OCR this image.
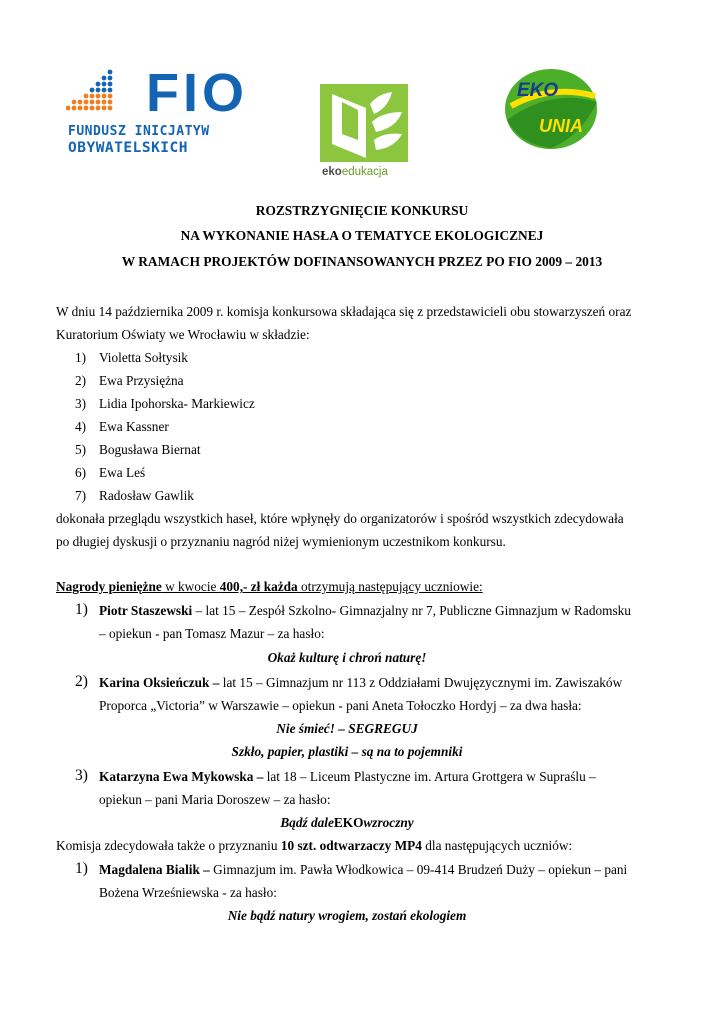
FIO
FUNDUSZ INICJATYW
OBYWATELSKICH
ekoedukacja
EKO
UNIA
ROZSTRZYGNIĘCIE KONKURSU
NA WYKONANIE HASŁA O TEMATYCE EKOLOGICZNEJ
W RAMACH PROJEKTÓW DOFINANSOWANYCH PRZEZ PO FIO 2009 – 2013
W dniu 14 października 2009 r. komisja konkursowa składająca się z przedstawicieli obu stowarzyszeń oraz
Kuratorium Oświaty we Wrocławiu w składzie:
1) Violetta Sołtysik
2) Ewa Przysiężna
3) Lidia Ipohorska- Markiewicz
4) Ewa Kassner
5) Bogusława Biernat
6) Ewa Leś
7) Radosław Gawlik
dokonała przeglądu wszystkich haseł, które wpłynęły do organizatorów i spośród wszystkich zdecydowała
po długiej dyskusji o przyznaniu nagród niżej wymienionym uczestnikom konkursu.
Nagrody pieniężne w kwocie 400,- zł każda otrzymują następujący uczniowie:
1) Piotr Staszewski – lat 15 – Zespół Szkolno- Gimnazjalny nr 7, Publiczne Gimnazjum w Radomsku
– opiekun - pan Tomasz Mazur – za hasło:
Okaż kulturę i chroń naturę!
2) Karina Oksieńczuk – lat 15 – Gimnazjum nr 113 z Oddziałami Dwujęzycznymi im. Zawiszaków
Proporca „Victoria” w Warszawie – opiekun - pani Aneta Tołoczko Hordyj – za dwa hasła:
Nie śmieć! – SEGREGUJ
Szkło, papier, plastiki – są na to pojemniki
3) Katarzyna Ewa Mykowska – lat 18 – Liceum Plastyczne im. Artura Grottgera w Supraślu –
opiekun – pani Maria Doroszew – za hasło:
Bądź daleEKOwzroczny
Komisja zdecydowała także o przyznaniu 10 szt. odtwarzaczy MP4 dla następujących uczniów:
1) Magdalena Bialik – Gimnazjum im. Pawła Włodkowica – 09-414 Brudzeń Duży – opiekun – pani
Bożena Wrześniewska - za hasło:
Nie bądź natury wrogiem, zostań ekologiem
